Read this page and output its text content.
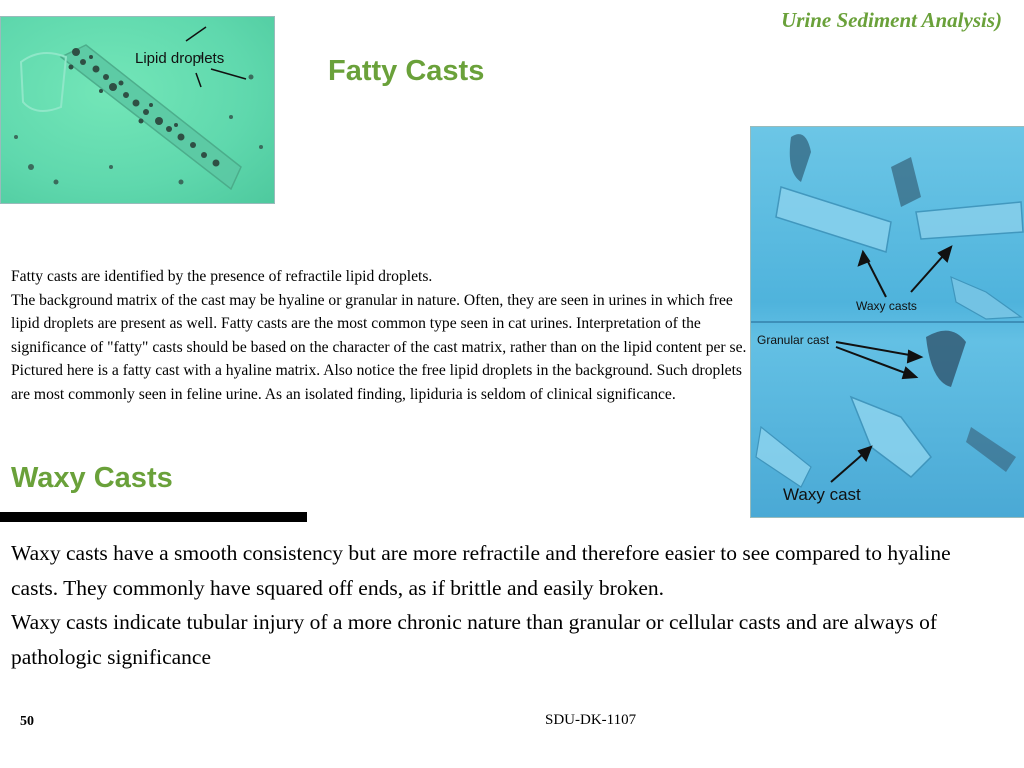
Urine Sediment Analysis)
Lipid droplets	Fatty Casts
Waxy casts
Granular cast
Waxy cast

Fatty casts are identified by the presence of refractile lipid droplets.

The background matrix of the cast may be hyaline or granular in nature. Often, they are seen in urines in which free lipid droplets are present as well. Fatty casts are the most common type seen in cat urines. Interpretation of the significance of "fatty" casts should be based on the character of the cast matrix, rather than on the lipid content per se.

Pictured here is a fatty cast with a hyaline matrix. Also notice the free lipid droplets in the background. Such droplets are most commonly seen in feline urine. As an isolated finding, lipiduria is seldom of clinical significance.

Waxy Casts

Waxy casts have a smooth consistency but are more refractile and therefore easier to see compared to hyaline casts. They commonly have squared off ends, as if brittle and easily broken.

Waxy casts indicate tubular injury of a more chronic nature than granular or cellular casts and are always of pathologic significance

50	SDU-DK-1107
